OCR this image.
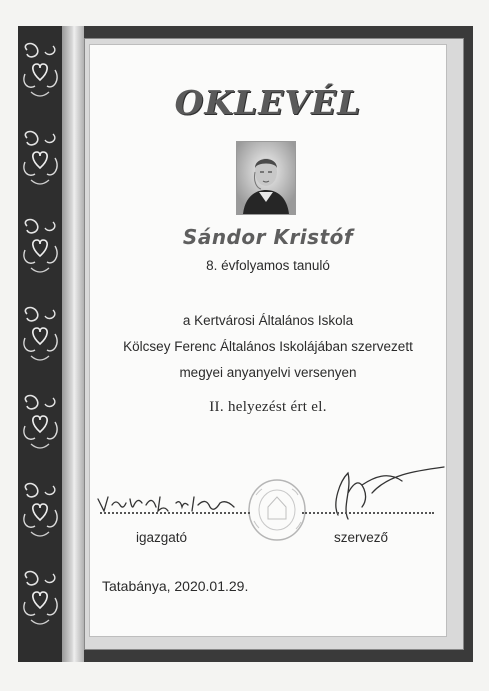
OKLEVÉL
Sándor Kristóf
8. évfolyamos tanuló
a Kertvárosi Általános Iskola
Kölcsey Ferenc Általános Iskolájában szervezett
megyei anyanyelvi versenyen
II. helyezést ért el.
igazgató	szervező
Tatabánya, 2020.01.29.
